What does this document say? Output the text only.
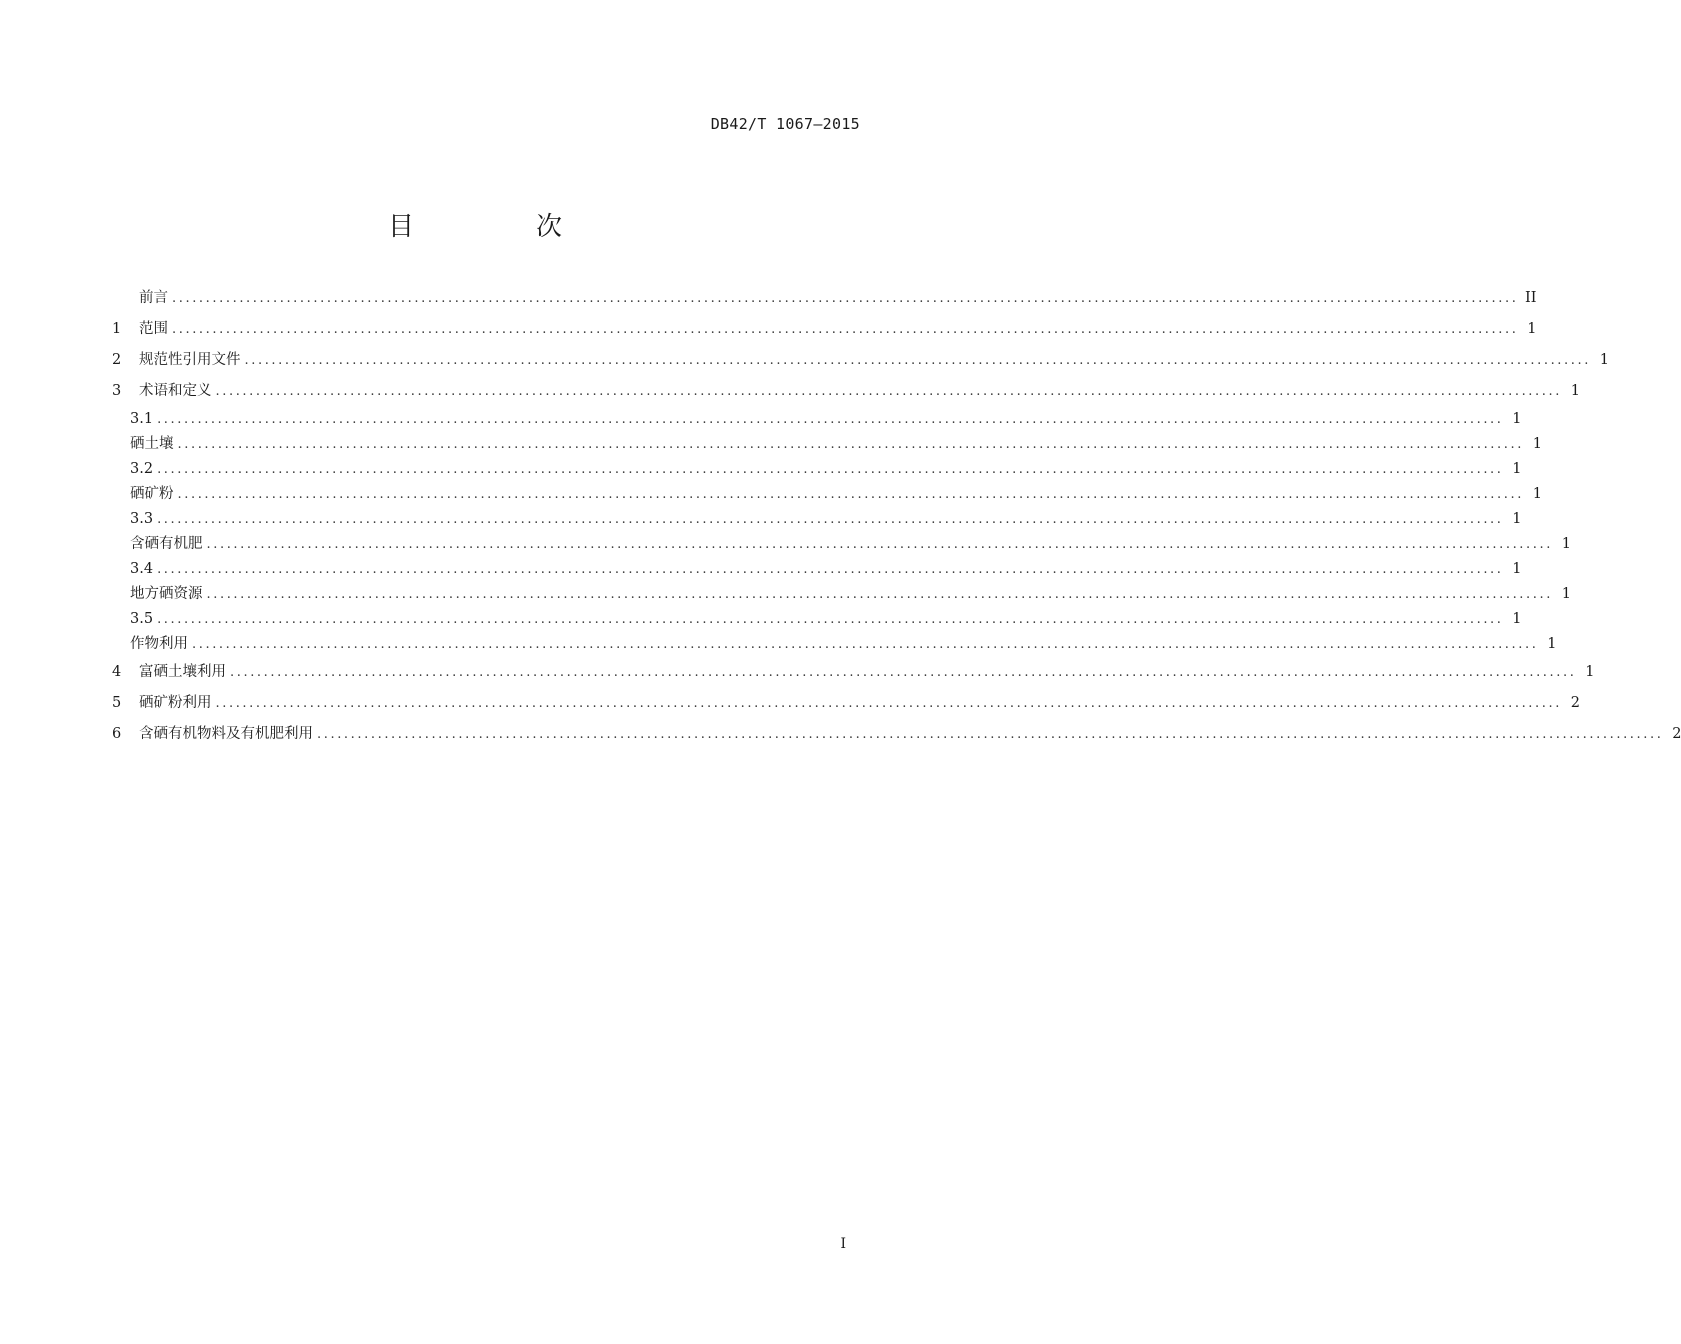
DB42/T 1067—2015
目　次
前言 ........................................................................................................................................................................................................ II
1	范围 ........................................................................................................................................................................................................ 1
2	规范性引用文件 ........................................................................................................................................................................................................ 1
3	术语和定义 ........................................................................................................................................................................................................ 1
3.1 ........................................................................................................................................................................................................ 1
硒土壤 ........................................................................................................................................................................................................ 1
3.2 ........................................................................................................................................................................................................ 1
硒矿粉 ........................................................................................................................................................................................................ 1
3.3 ........................................................................................................................................................................................................ 1
含硒有机肥 ........................................................................................................................................................................................................ 1
3.4 ........................................................................................................................................................................................................ 1
地方硒资源 ........................................................................................................................................................................................................ 1
3.5 ........................................................................................................................................................................................................ 1
作物利用 ........................................................................................................................................................................................................ 1
4	富硒土壤利用 ........................................................................................................................................................................................................ 1
5	硒矿粉利用 ........................................................................................................................................................................................................ 2
6	含硒有机物料及有机肥利用 ........................................................................................................................................................................................................ 2
I
